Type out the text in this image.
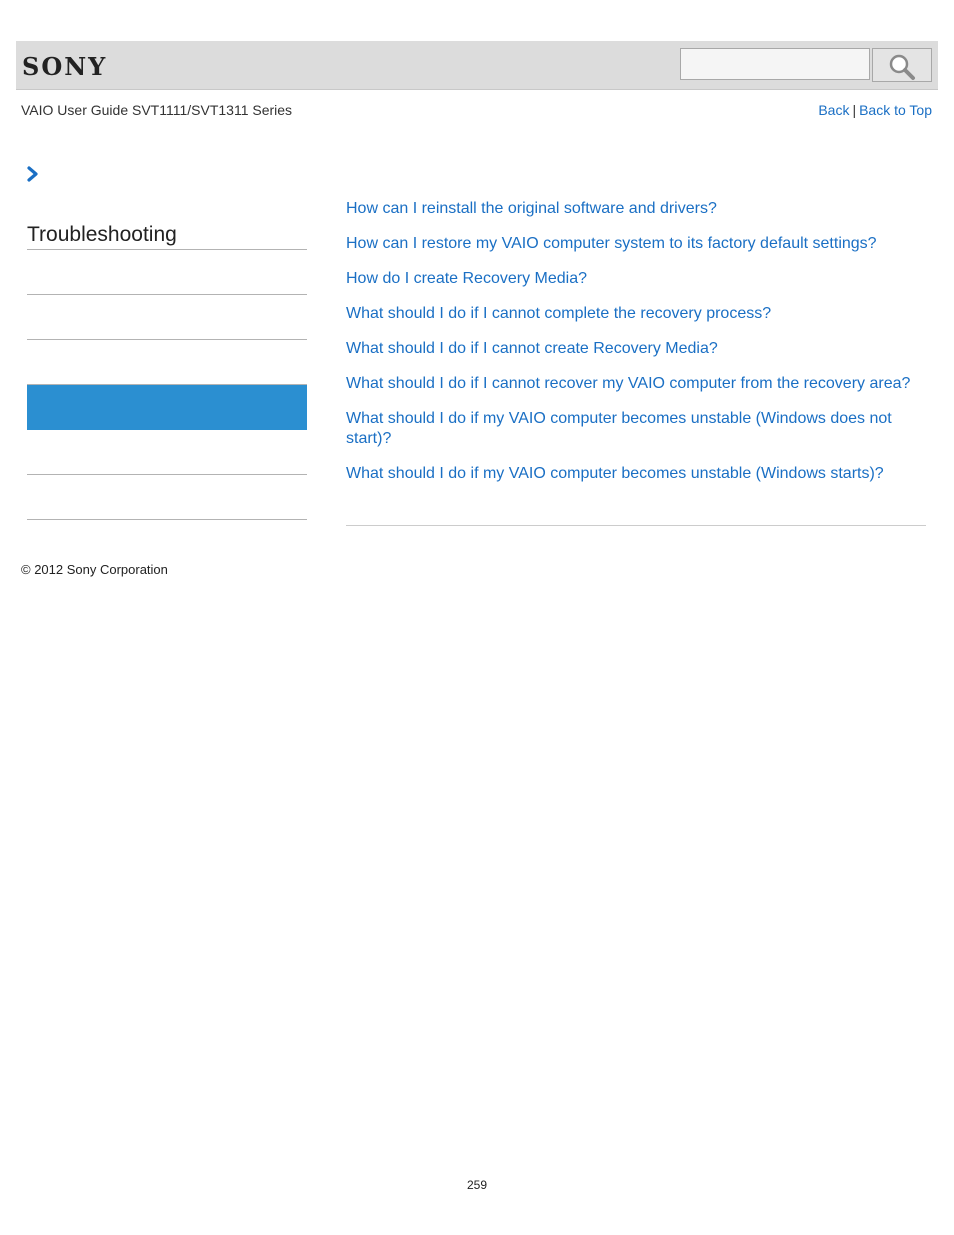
SONY
VAIO User Guide SVT1111/SVT1311 Series	Back | Back to Top
Troubleshooting
How can I reinstall the original software and drivers?
How can I restore my VAIO computer system to its factory default settings?
How do I create Recovery Media?
What should I do if I cannot complete the recovery process?
What should I do if I cannot create Recovery Media?
What should I do if I cannot recover my VAIO computer from the recovery area?
What should I do if my VAIO computer becomes unstable (Windows does not start)?
What should I do if my VAIO computer becomes unstable (Windows starts)?
© 2012 Sony Corporation
259
